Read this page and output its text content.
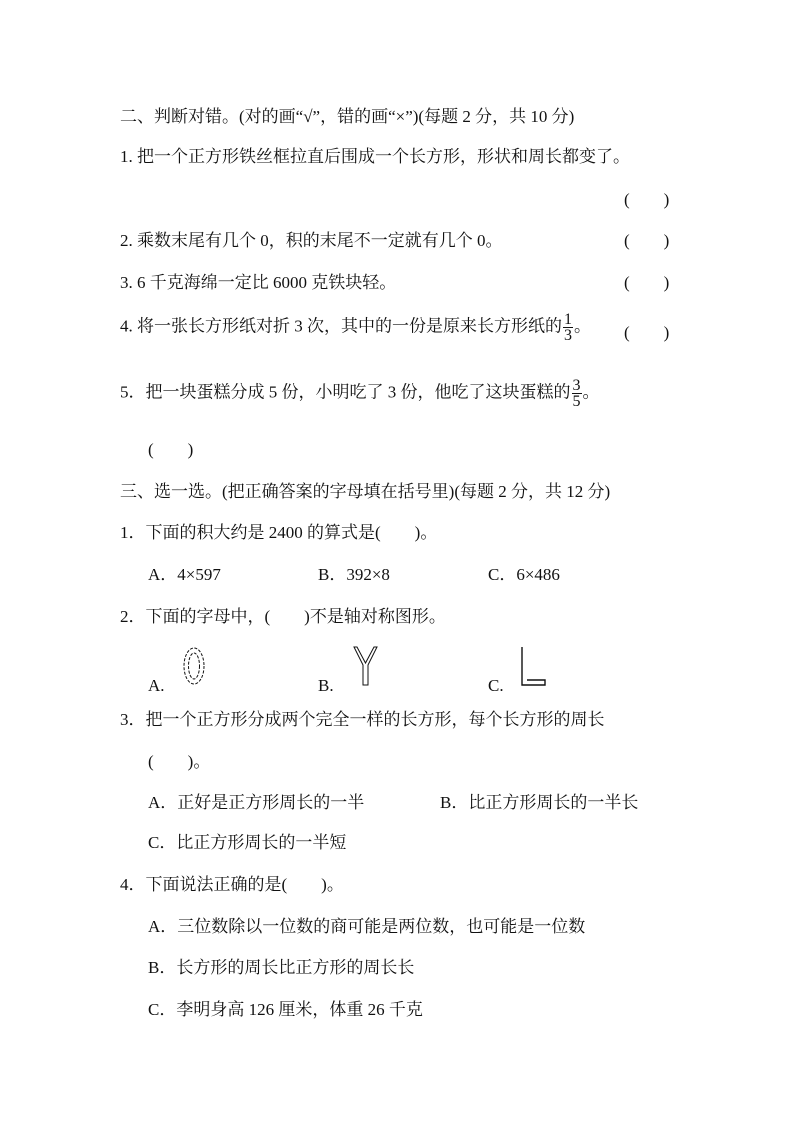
二、判断对错。(对的画“√”，错的画“×”)(每题 2 分，共 10 分)
1. 把一个正方形铁丝框拉直后围成一个长方形，形状和周长都变了。
(        )
2. 乘数末尾有几个 0，积的末尾不一定就有几个 0。	(        )
3. 6 千克海绵一定比 6000 克铁块轻。	(        )
4. 将一张长方形纸对折 3 次，其中的一份是原来长方形纸的 $\frac{1}{3}$ 。 (        )
5．把一块蛋糕分成 5 份，小明吃了 3 份，他吃了这块蛋糕的 $\frac{3}{5}$ 。
(        )
三、选一选。(把正确答案的字母填在括号里)(每题 2 分，共 12 分)
1．下面的积大约是 2400 的算式是(        )。
A．4×597	B．392×8	C．6×486
2．下面的字母中，(        )不是轴对称图形。
A.	B.	C.
3．把一个正方形分成两个完全一样的长方形，每个长方形的周长
(        )。
A．正好是正方形周长的一半	B．比正方形周长的一半长
C．比正方形周长的一半短
4．下面说法正确的是(        )。
A．三位数除以一位数的商可能是两位数，也可能是一位数
B．长方形的周长比正方形的周长长
C．李明身高 126 厘米，体重 26 千克
